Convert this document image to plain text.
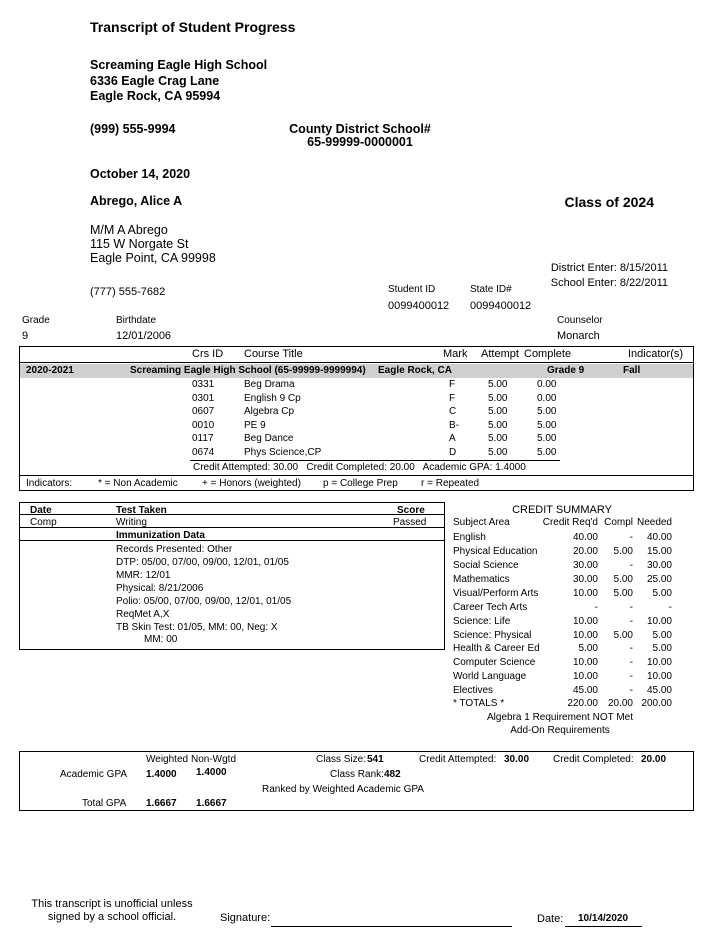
Transcript of Student Progress
Screaming Eagle High School
6336 Eagle Crag Lane
Eagle Rock, CA 95994
(999) 555-9994	County District School#
65-99999-0000001
October 14, 2020
Abrego, Alice A	Class of 2024
M/M A Abrego
115 W Norgate St
Eagle Point, CA 99998
(777) 555-7682
District Enter: 8/15/2011
School Enter: 8/22/2011
Student ID
0099400012
State ID#
0099400012
Grade
9
Birthdate
12/01/2006
Counselor
Monarch
Crs ID Course Title	Mark Attempt Complete	Indicator(s)
2020-2021	Screaming Eagle High School (65-99999-9999994) Eagle Rock, CA	Grade 9	Fall
0331	Beg Drama	F	5.00	0.00
0301	English 9 Cp	F	5.00	0.00
0607	Algebra Cp	C	5.00	5.00
0010	PE 9	B-	5.00	5.00
0117	Beg Dance	A	5.00	5.00
0674	Phys Science,CP	D	5.00	5.00
Credit Attempted: 30.00   Credit Completed: 20.00   Academic GPA: 1.4000
Indicators:	* = Non Academic + = Honors (weighted) p = College Prep r = Repeated
Date	Test Taken	Score
Comp	Writing	Passed
Immunization Data
Records Presented: Other
DTP: 05/00, 07/00, 09/00, 12/01, 01/05
MMR: 12/01
Physical: 8/21/2006
Polio: 05/00, 07/00, 09/00, 12/01, 01/05
ReqMet A,X
TB Skin Test: 01/05, MM: 00, Neg: X
MM: 00
CREDIT SUMMARY
Subject Area	Credit Req'd Compl Needed
English	40.00	-	40.00
Physical Education	20.00	5.00	15.00
Social Science	30.00	-	30.00
Mathematics	30.00	5.00	25.00
Visual/Perform Arts	10.00	5.00	5.00
Career Tech Arts	-	-	-
Science: Life	10.00	-	10.00
Science: Physical	10.00	5.00	5.00
Health & Career Ed	5.00	-	5.00
Computer Science	10.00	-	10.00
World Language	10.00	-	10.00
Electives	45.00	-	45.00
* TOTALS *	220.00 20.00 200.00
Algebra 1 Requirement NOT Met
Add-On Requirements
Weighted Non-Wgtd
Academic GPA 1.4000 1.4000
Total GPA 1.6667 1.6667
Class Size: 541
Class Rank: 482
Ranked by Weighted Academic GPA
Credit Attempted: 30.00 Credit Completed: 20.00
This transcript is unofficial unless
signed by a school official.	Signature:	Date: 10/14/2020
